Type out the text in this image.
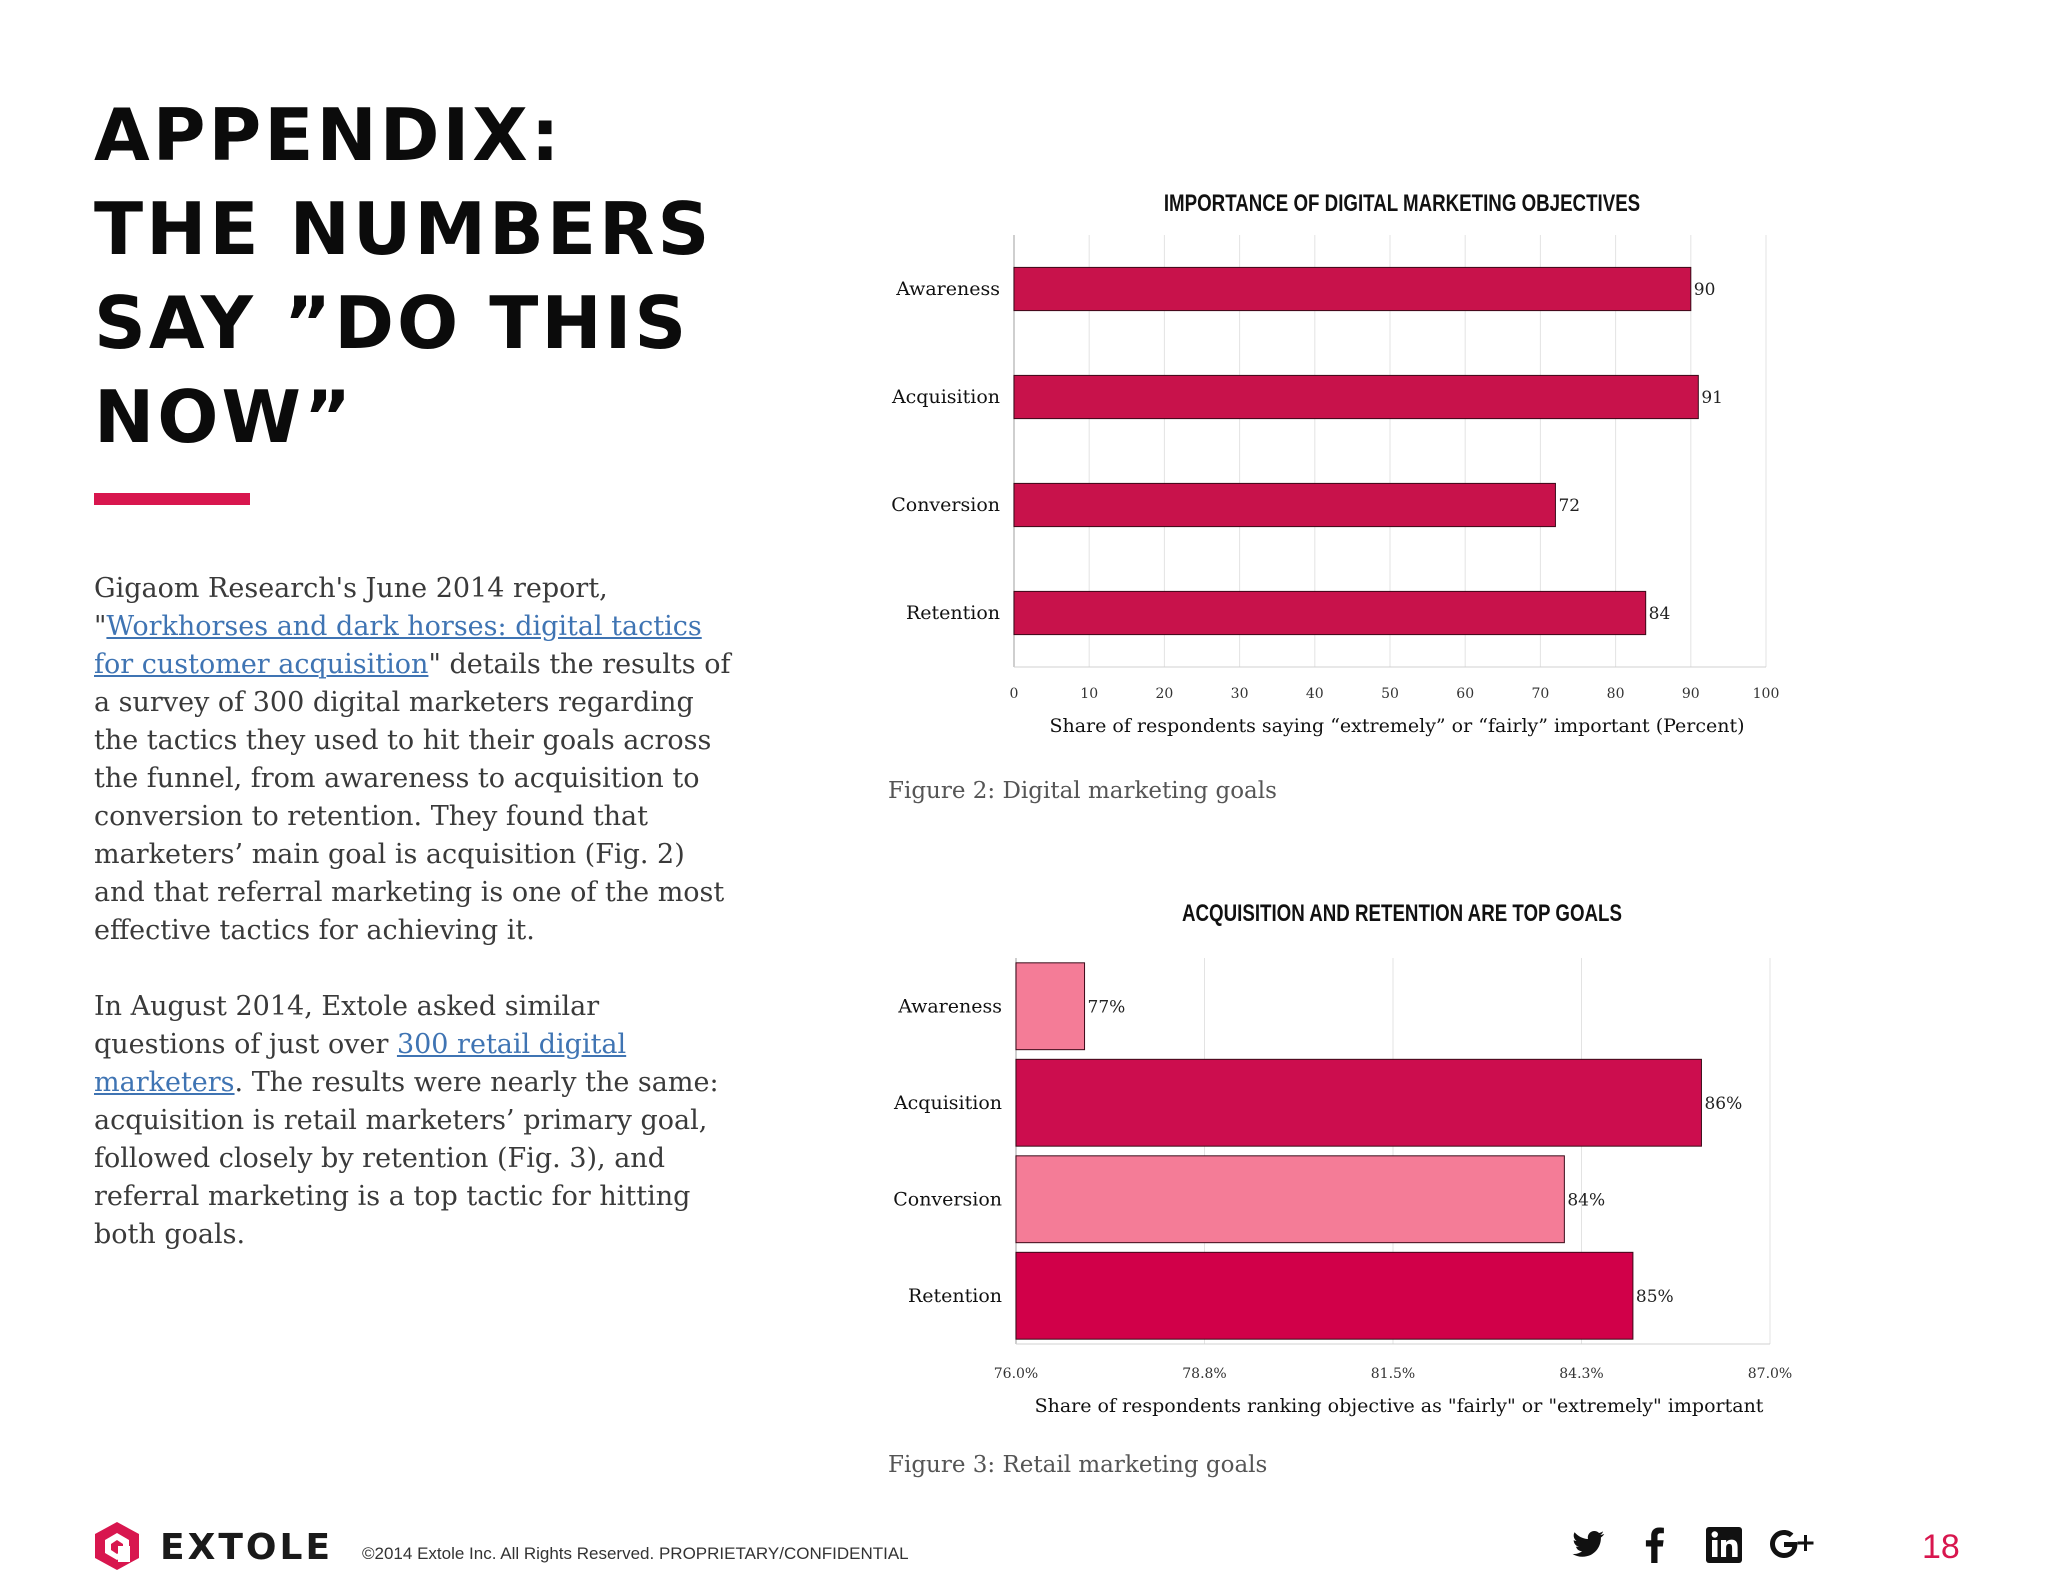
APPENDIX:
THE NUMBERS
SAY ”DO THIS
NOW”

Gigaom Research's June 2014 report, "Workhorses and dark horses: digital tactics for customer acquisition" details the results of a survey of 300 digital marketers regarding the tactics they used to hit their goals across the funnel, from awareness to acquisition to conversion to retention. They found that marketers’ main goal is acquisition (Fig. 2) and that referral marketing is one of the most effective tactics for achieving it.

In August 2014, Extole asked similar questions of just over 300 retail digital marketers. The results were nearly the same: acquisition is retail marketers’ primary goal, followed closely by retention (Fig. 3), and referral marketing is a top tactic for hitting both goals.

IMPORTANCE OF DIGITAL MARKETING OBJECTIVES
0	10	20	30	40	50	60	70	80	90	100
Awareness	90
Acquisition	91
Conversion	72
Retention	84
Share of respondents saying “extremely” or “fairly” important (Percent)
Figure 2: Digital marketing goals
ACQUISITION AND RETENTION ARE TOP GOALS
76.0%	78.8%	81.5%	84.3%	87.0%
Awareness	77%
Acquisition	86%
Conversion	84%
Retention	85%
Share of respondents ranking objective as "fairly" or "extremely" important
Figure 3: Retail marketing goals
EXTOLE ©2014 Extole Inc. All Rights Reserved. PROPRIETARY/CONFIDENTIAL	18
